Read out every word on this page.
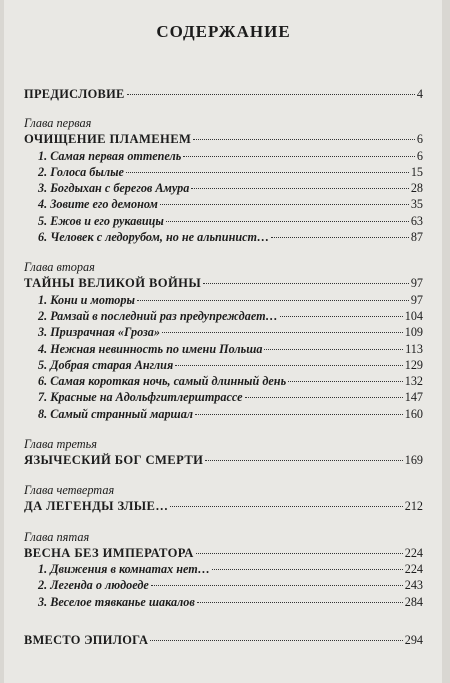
СОДЕРЖАНИЕ
ПРЕДИСЛОВИЕ	4
Глава первая
ОЧИЩЕНИЕ ПЛАМЕНЕМ	6
1. Самая первая оттепель	6
2. Голоса былые	15
3. Богдыхан с берегов Амура	28
4. Зовите его демоном	35
5. Ежов и его рукавицы	63
6. Человек с ледорубом, но не альпинист…	87
Глава вторая
ТАЙНЫ ВЕЛИКОЙ ВОЙНЫ	97
1. Кони и моторы	97
2. Рамзай в последний раз предупреждает…	104
3. Призрачная «Гроза»	109
4. Нежная невинность по имени Польша	113
5. Добрая старая Англия	129
6. Самая короткая ночь, самый длинный день	132
7. Красные на Адольфгитлерштрассе	147
8. Самый странный маршал	160
Глава третья
ЯЗЫЧЕСКИЙ БОГ СМЕРТИ	169
Глава четвертая
ДА ЛЕГЕНДЫ ЗЛЫЕ…	212
Глава пятая
ВЕСНА БЕЗ ИМПЕРАТОРА	224
1. Движения в комнатах нет…	224
2. Легенда о людоеде	243
3. Веселое тявканье шакалов	284
ВМЕСТО ЭПИЛОГА	294
